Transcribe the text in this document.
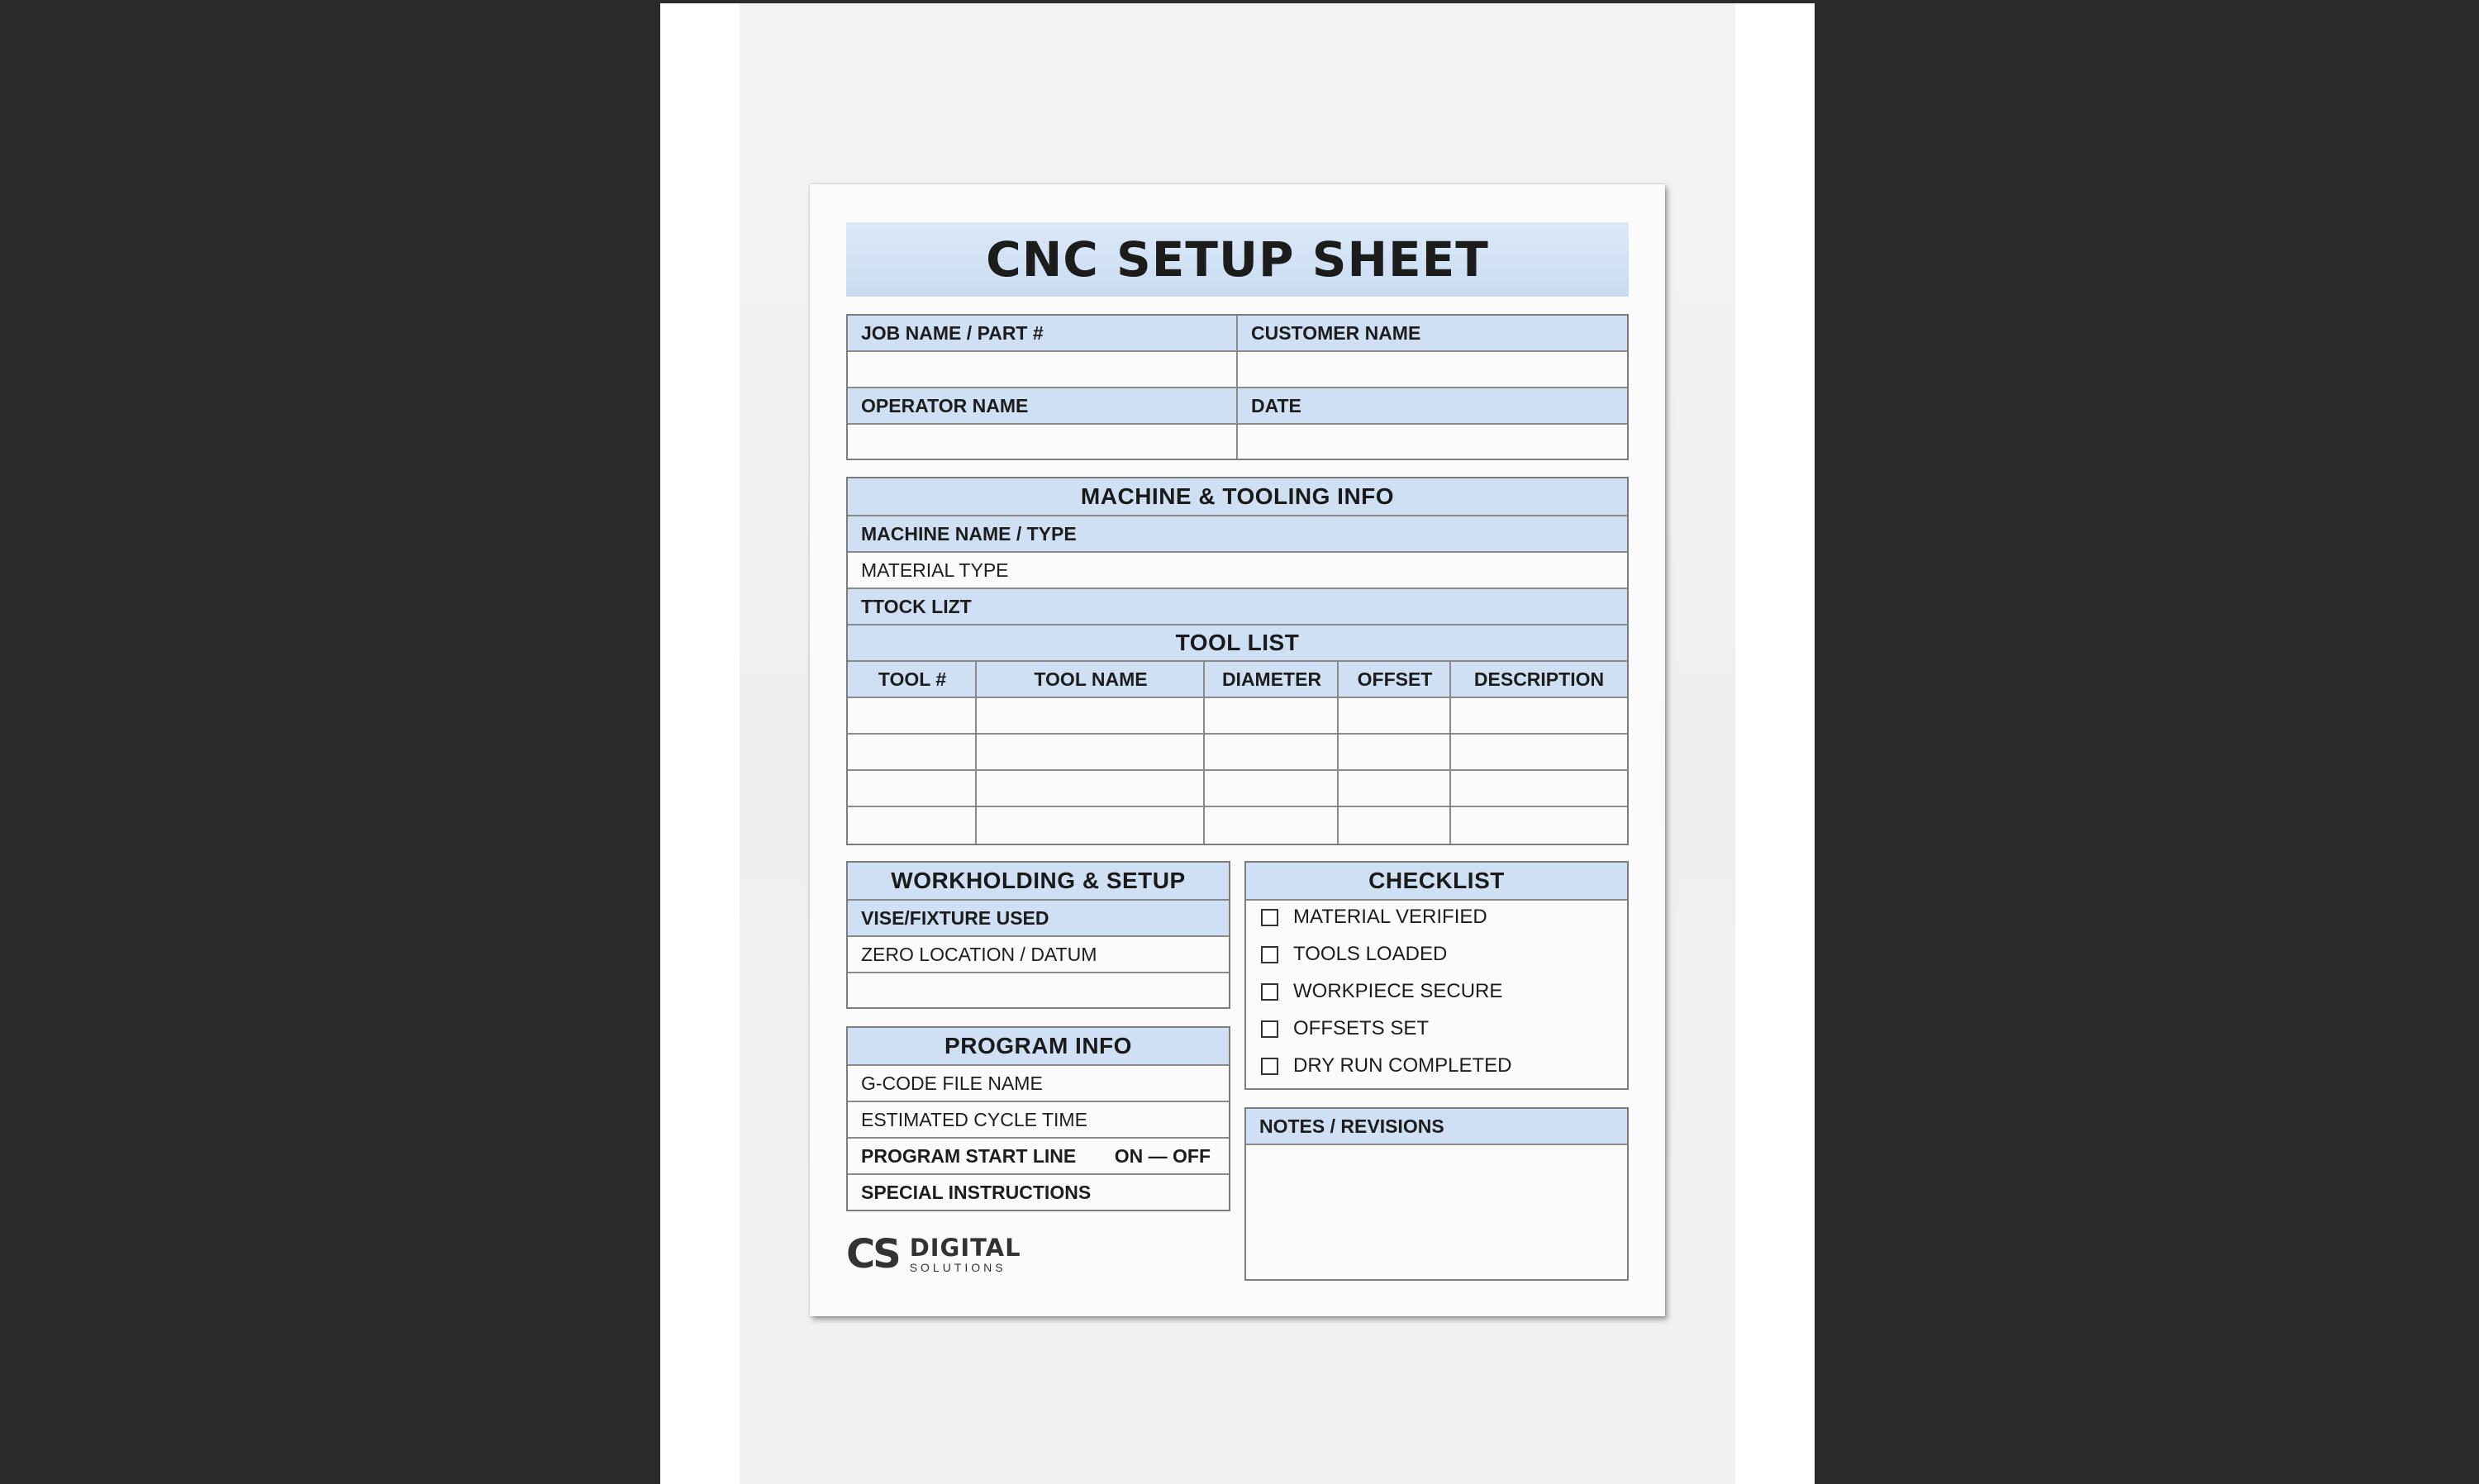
CNC SETUP SHEET
JOB NAME / PART #	CUSTOMER NAME
OPERATOR NAME	DATE
MACHINE & TOOLING INFO
MACHINE NAME / TYPE
MATERIAL TYPE
TTOCK LIZT
TOOL LIST
TOOL #	TOOL NAME	DIAMETER OFFSET DESCRIPTION
WORKHOLDING & SETUP
VISE/FIXTURE USED
ZERO LOCATION / DATUM
PROGRAM INFO
G-CODE FILE NAME
ESTIMATED CYCLE TIME
PROGRAM START LINE ON — OFF
SPECIAL INSTRUCTIONS
CHECKLIST
MATERIAL VERIFIED
TOOLS LOADED
WORKPIECE SECURE
OFFSETS SET
DRY RUN COMPLETED
NOTES / REVISIONS
CS DIGITAL
SOLUTIONS
